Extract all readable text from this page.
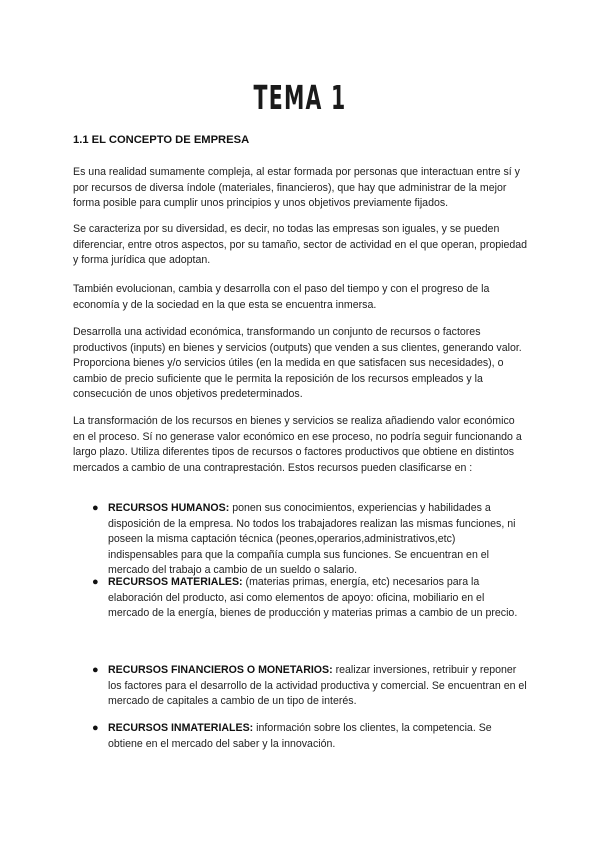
TEMA 1
1.1 EL CONCEPTO DE EMPRESA

Es una realidad sumamente compleja, al estar formada por personas que interactuan entre sí y por recursos de diversa índole (materiales, financieros), que hay que administrar de la mejor forma posible para cumplir unos principios y unos objetivos previamente fijados.

Se caracteriza por su diversidad, es decir, no todas las empresas son iguales, y se pueden diferenciar, entre otros aspectos, por su tamaño, sector de actividad en el que operan, propiedad y forma jurídica que adoptan.

También evolucionan, cambia y desarrolla con el paso del tiempo y con el progreso de la economía y de la sociedad en la que esta se encuentra inmersa.

Desarrolla una actividad económica, transformando un conjunto de recursos o factores productivos (inputs) en bienes y servicios (outputs) que venden a sus clientes, generando valor. Proporciona bienes y/o servicios útiles (en la medida en que satisfacen sus necesidades), o cambio de precio suficiente que le permita la reposición de los recursos empleados y la consecución de unos objetivos predeterminados.

La transformación de los recursos en bienes y servicios se realiza añadiendo valor económico en el proceso. Sí no generase valor económico en ese proceso, no podría seguir funcionando a largo plazo. Utiliza diferentes tipos de recursos o factores productivos que obtiene en distintos mercados a cambio de una contraprestación. Estos recursos pueden clasificarse en :

● RECURSOS HUMANOS: ponen sus conocimientos, experiencias y habilidades a disposición de la empresa. No todos los trabajadores realizan las mismas funciones, ni poseen la misma captación técnica (peones,operarios,administrativos,etc) indispensables para que la compañía cumpla sus funciones. Se encuentran en el mercado del trabajo a cambio de un sueldo o salario.
● RECURSOS MATERIALES: (materias primas, energía, etc) necesarios para la elaboración del producto, asi como elementos de apoyo: oficina, mobiliario en el mercado de la energía, bienes de producción y materias primas a cambio de un precio.
● RECURSOS FINANCIEROS O MONETARIOS: realizar inversiones, retribuir y reponer los factores para el desarrollo de la actividad productiva y comercial. Se encuentran en el mercado de capitales a cambio de un tipo de interés.
● RECURSOS INMATERIALES: información sobre los clientes, la competencia. Se obtiene en el mercado del saber y la innovación.
